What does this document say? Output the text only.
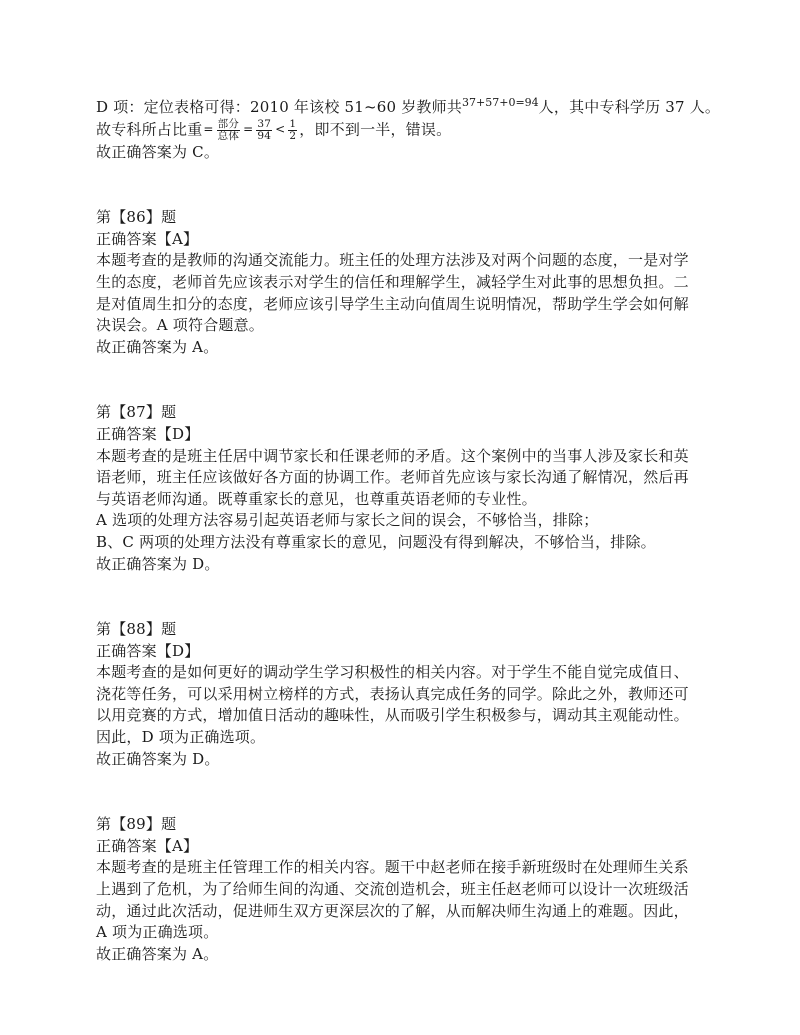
D 项：定位表格可得：2010 年该校 51~60 岁教师共$^{37+57+0=94}$人，其中专科学历 37 人。
故专科所占比重= $\frac{\text{部分}}{\text{总体}} = \frac{37}{94} < \frac{1}{2}$ ，即不到一半，错误。
故正确答案为 C。
第【86】题
正确答案【A】
本题考查的是教师的沟通交流能力。班主任的处理方法涉及对两个问题的态度，一是对学
生的态度，老师首先应该表示对学生的信任和理解学生，减轻学生对此事的思想负担。二
是对值周生扣分的态度，老师应该引导学生主动向值周生说明情况，帮助学生学会如何解
决误会。A 项符合题意。
故正确答案为 A。
第【87】题
正确答案【D】
本题考查的是班主任居中调节家长和任课老师的矛盾。这个案例中的当事人涉及家长和英
语老师，班主任应该做好各方面的协调工作。老师首先应该与家长沟通了解情况，然后再
与英语老师沟通。既尊重家长的意见，也尊重英语老师的专业性。
A 选项的处理方法容易引起英语老师与家长之间的误会，不够恰当，排除；
B、C 两项的处理方法没有尊重家长的意见，问题没有得到解决，不够恰当，排除。
故正确答案为 D。
第【88】题
正确答案【D】
本题考查的是如何更好的调动学生学习积极性的相关内容。对于学生不能自觉完成值日、
浇花等任务，可以采用树立榜样的方式，表扬认真完成任务的同学。除此之外，教师还可
以用竞赛的方式，增加值日活动的趣味性，从而吸引学生积极参与，调动其主观能动性。
因此，D 项为正确选项。
故正确答案为 D。
第【89】题
正确答案【A】
本题考查的是班主任管理工作的相关内容。题干中赵老师在接手新班级时在处理师生关系
上遇到了危机，为了给师生间的沟通、交流创造机会，班主任赵老师可以设计一次班级活
动，通过此次活动，促进师生双方更深层次的了解，从而解决师生沟通上的难题。因此，
A 项为正确选项。
故正确答案为 A。
